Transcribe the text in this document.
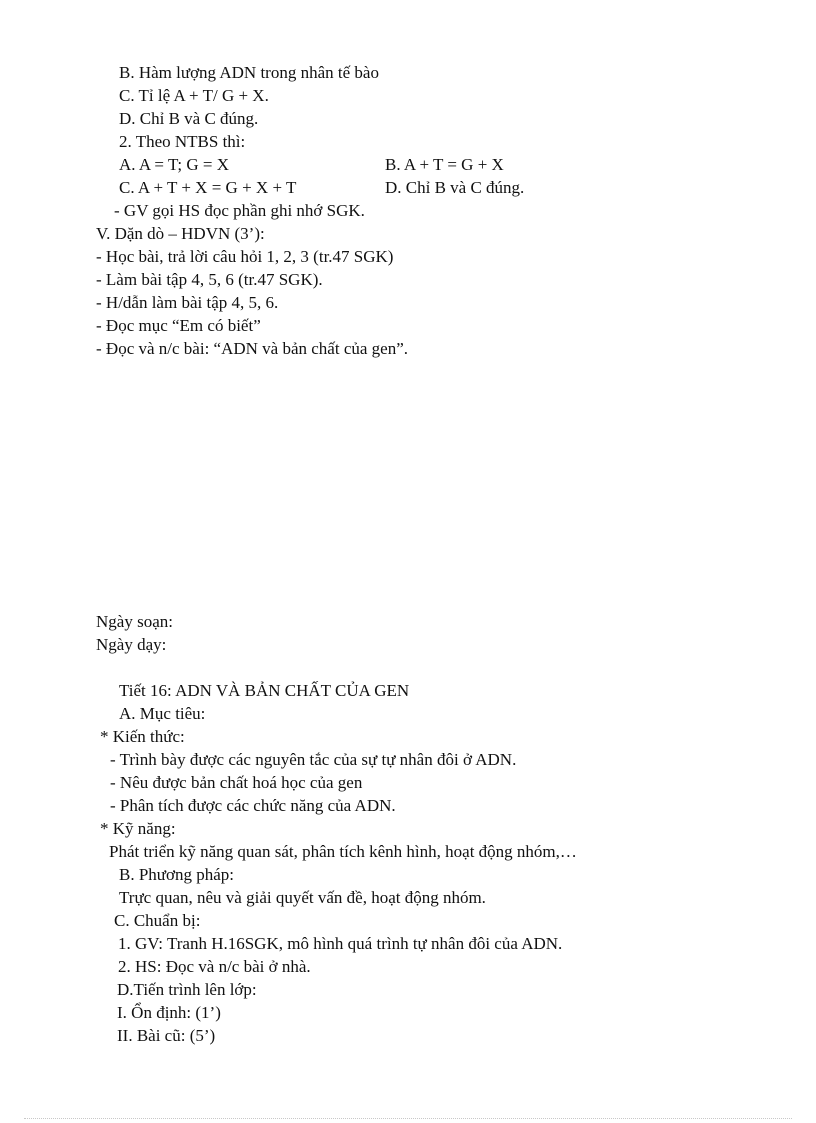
B. Hàm lượng ADN trong nhân tế bào
C. Tỉ lệ A + T/ G + X.
D. Chỉ B và C đúng.
2. Theo NTBS thì:
A. A = T; G = X	B. A + T = G + X
C. A + T + X = G + X + T	D. Chỉ B và C đúng.
- GV gọi HS đọc phần ghi nhớ SGK.
V. Dặn dò – HDVN (3’):
- Học bài, trả lời câu hỏi 1, 2, 3 (tr.47 SGK)
- Làm bài tập 4, 5, 6 (tr.47 SGK).
- H/dẫn làm bài tập 4, 5, 6.
- Đọc mục “Em có biết”
- Đọc và n/c bài: “ADN và bản chất của gen”.
Ngày soạn:
Ngày dạy:
Tiết 16: ADN VÀ BẢN CHẤT CỦA GEN
A. Mục tiêu:
* Kiến thức:
- Trình bày được các nguyên tắc của sự tự nhân đôi ở ADN.
- Nêu được bản chất hoá học của gen
- Phân tích được các chức năng của ADN.
* Kỹ năng:
Phát triển kỹ năng quan sát, phân tích kênh hình, hoạt động nhóm,…
B. Phương pháp:
Trực quan, nêu và giải quyết vấn đề, hoạt động nhóm.
C. Chuẩn bị:
1. GV: Tranh H.16SGK, mô hình quá trình tự nhân đôi của ADN.
2. HS: Đọc và n/c bài ở nhà.
D.Tiến trình lên lớp:
I. Ổn định: (1’)
II. Bài cũ: (5’)
